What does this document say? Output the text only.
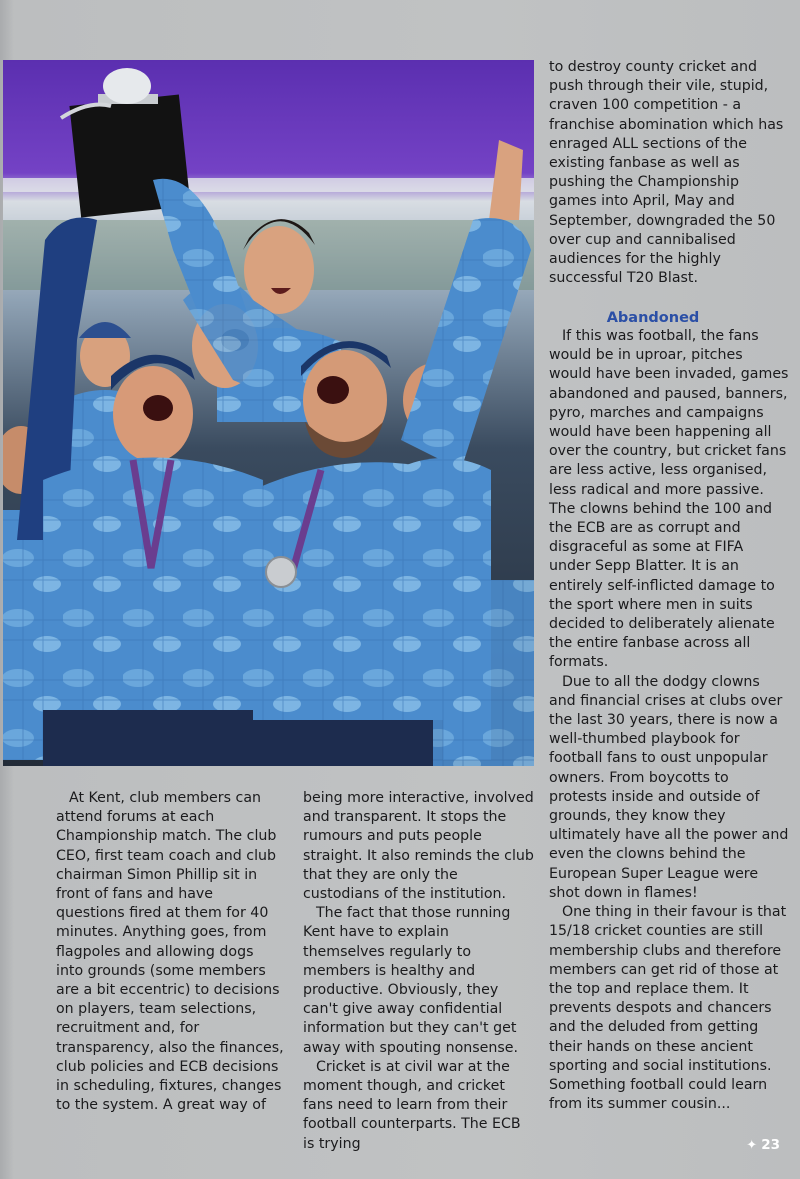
to destroy county cricket and push through their vile, stupid, craven 100 competition - a franchise abomination which has enraged ALL sections of the existing fanbase as well as pushing the Championship games into April, May and September, downgraded the 50 over cup and cannibalised audiences for the highly successful T20 Blast.

Abandoned

If this was football, the fans would be in uproar, pitches would have been invaded, games abandoned and paused, banners, pyro, marches and campaigns would have been happening all over the country, but cricket fans are less active, less organised, less radical and more passive. The clowns behind the 100 and the ECB are as corrupt and disgraceful as some at FIFA under Sepp Blatter. It is an entirely self-inflicted damage to the sport where men in suits decided to deliberately alienate the entire fanbase across all formats.

Due to all the dodgy clowns and financial crises at clubs over the last 30 years, there is now a well-thumbed playbook for football fans to oust unpopular owners. From boycotts to protests inside and outside of grounds, they know they ultimately have all the power and even the clowns behind the European Super League were shot down in flames!

One thing in their favour is that 15/18 cricket counties are still membership clubs and therefore members can get rid of those at the top and replace them. It prevents despots and chancers and the deluded from getting their hands on these ancient sporting and social institutions. Something football could learn from its summer cousin...

At Kent, club members can attend forums at each Championship match. The club CEO, first team coach and club chairman Simon Phillip sit in front of fans and have questions fired at them for 40 minutes. Anything goes, from flagpoles and allowing dogs into grounds (some members are a bit eccentric) to decisions on players, team selections, recruitment and, for transparency, also the finances, club policies and ECB decisions in scheduling, fixtures, changes to the system. A great way of

being more interactive, involved and transparent. It stops the rumours and puts people straight. It also reminds the club that they are only the custodians of the institution.

The fact that those running Kent have to explain themselves regularly to members is healthy and productive. Obviously, they can't give away confidential information but they can't get away with spouting nonsense.

Cricket is at civil war at the moment though, and cricket fans need to learn from their football counterparts. The ECB is trying	✦ 23
